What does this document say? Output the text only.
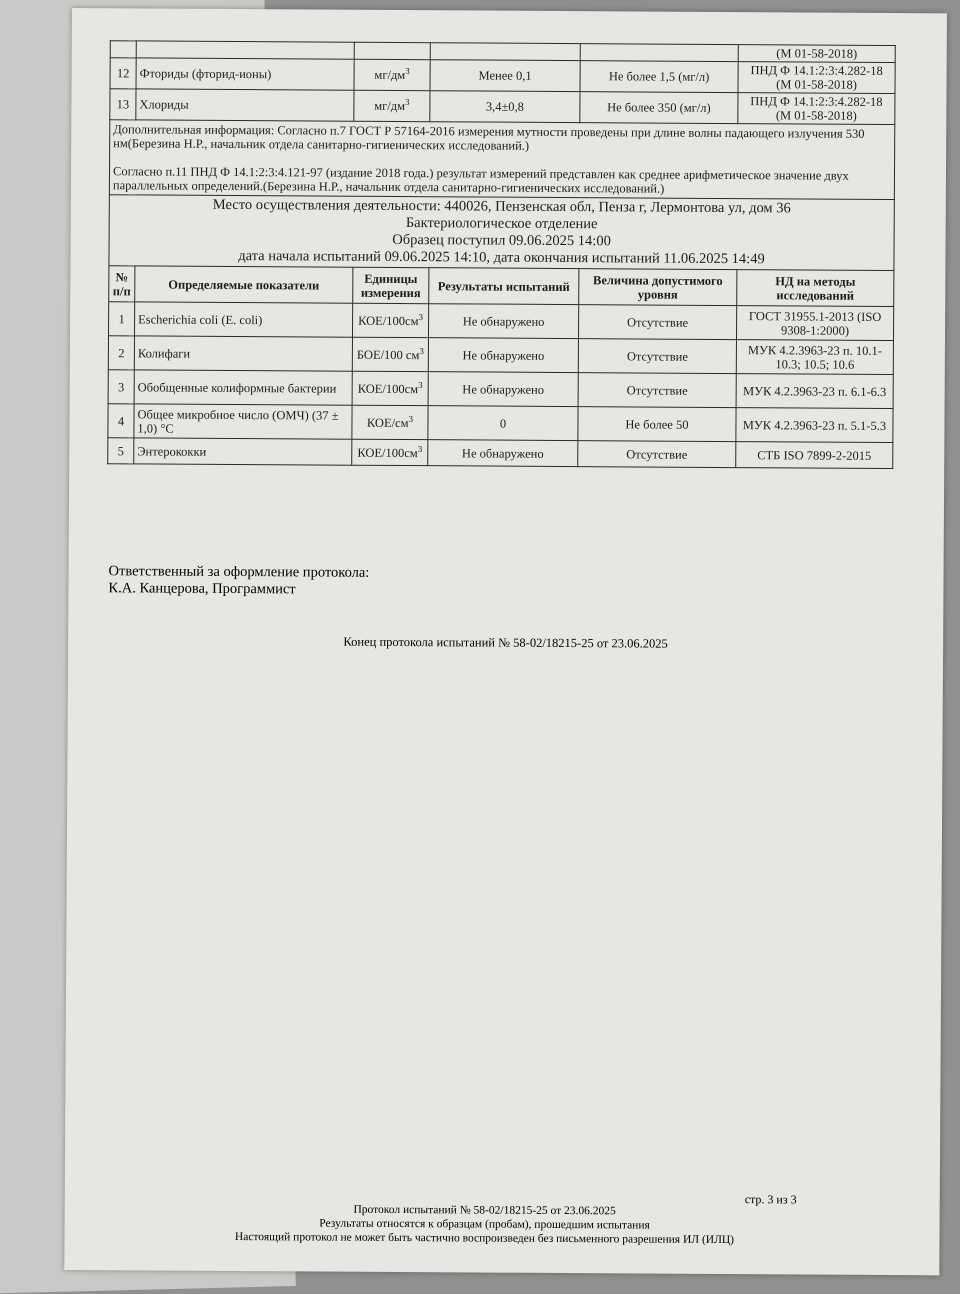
					(М 01-58-2018)
12	Фториды (фторид-ионы)	$мг/дм^3$	Менее 0,1	Не более 1,5 (мг/л)	ПНД Ф 14.1:2:3:4.282-18 (М 01-58-2018)
13	Хлориды	$мг/дм^3$	3,4±0,8	Не более 350 (мг/л)	ПНД Ф 14.1:2:3:4.282-18 (М 01-58-2018)

Дополнительная информация: Согласно п.7 ГОСТ Р 57164-2016 измерения мутности проведены при длине волны падающего излучения 530 нм(Березина Н.Р., начальник отдела санитарно-гигиенических исследований.)
Согласно п.11 ПНД Ф 14.1:2:3:4.121-97 (издание 2018 года.) результат измерений представлен как среднее арифметическое значение двух параллельных определений.(Березина Н.Р., начальник отдела санитарно-гигиенических исследований.)					

Место осуществления деятельности: 440026, Пензенская обл, Пенза г, Лермонтова ул, дом 36
Бактериологическое отделение
Образец поступил 09.06.2025 14:00
дата начала испытаний 09.06.2025 14:10, дата окончания испытаний 11.06.2025 14:49					

№ п/п	Определяемые показатели	Единицы измерения	Результаты испытаний	Величина допустимого уровня	НД на методы исследований
1	Escherichia coli (E. coli)	КОЕ/$100см^3$	Не обнаружено	Отсутствие	ГОСТ 31955.1-2013 (ISO 9308-1:2000)
2	Колифаги	БОЕ/100 $см^3$	Не обнаружено	Отсутствие	МУК 4.2.3963-23 п. 10.1-10.3; 10.5; 10.6
3	Обобщенные колиформные бактерии	КОЕ/$100см^3$	Не обнаружено	Отсутствие	МУК 4.2.3963-23 п. 6.1-6.3
4	Общее микробное число (ОМЧ) (37 ± 1,0) °С	КОЕ/$см^3$	0	Не более 50	МУК 4.2.3963-23 п. 5.1-5.3
5	Энтерококки	КОЕ/$100см^3$	Не обнаружено	Отсутствие	СТБ ISO 7899-2-2015
Ответственный за оформление протокола:
К.А. Канцерова, Программист
Конец протокола испытаний № 58-02/18215-25 от 23.06.2025
стр. 3 из 3
Протокол испытаний № 58-02/18215-25 от 23.06.2025
Результаты относятся к образцам (пробам), прошедшим испытания
Настоящий протокол не может быть частично воспроизведен без письменного разрешения ИЛ (ИЛЦ)
